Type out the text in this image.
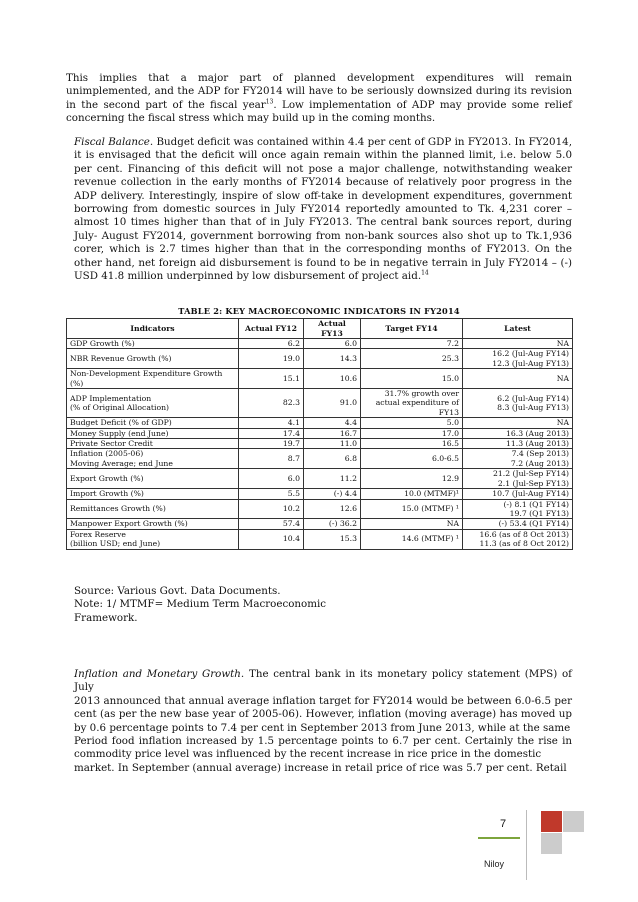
This implies that a major part of planned development expenditures will remain unimplemented, and the ADP for FY2014 will have to be seriously downsized during its revision in the second part of the fiscal year$^{13}$. Low implementation of ADP may provide some relief concerning the fiscal stress which may build up in the coming months.

Fiscal Balance. Budget deficit was contained within 4.4 per cent of GDP in FY2013. In FY2014, it is envisaged that the deficit will once again remain within the planned limit, i.e. below 5.0 per cent. Financing of this deficit will not pose a major challenge, notwithstanding weaker revenue collection in the early months of FY2014 because of relatively poor progress in the ADP delivery. Interestingly, inspire of slow off-take in development expenditures, government borrowing from domestic sources in July FY2014 reportedly amounted to Tk. 4,231 corer – almost 10 times higher than that of in July FY2013. The central bank sources report, during July- August FY2014, government borrowing from non-bank sources also shot up to Tk.1,936 corer, which is 2.7 times higher than that in the corresponding months of FY2013. On the other hand, net foreign aid disbursement is found to be in negative terrain in July FY2014 – (-) USD 41.8 million underpinned by low disbursement of project aid.$^{14}$

TABLE 2: KEY MACROECONOMIC INDICATORS IN FY2014
Indicators	Actual FY12	Actual FY13	Target FY14	Latest
GDP Growth (%)	6.2	6.0	7.2	NA
NBR Revenue Growth (%)	19.0	14.3	25.3	16.2 (Jul-Aug FY14)
12.3 (Jul-Aug FY13)
Non-Development Expenditure Growth (%)	15.1	10.6	15.0	NA
ADP Implementation
(% of Original Allocation)	82.3	91.0	31.7% growth over actual expenditure of FY13	6.2 (Jul-Aug FY14)
8.3 (Jul-Aug FY13)
Budget Deficit (% of GDP)	4.1	4.4	5.0	NA
Money Supply (end June)	17.4	16.7	17.0	16.3 (Aug 2013)
Private Sector Credit	19.7	11.0	16.5	11.3 (Aug 2013)
Inflation (2005-06)
Moving Average; end June	8.7	6.8	6.0-6.5	7.4 (Sep 2013)
7.2 (Aug 2013)
Export Growth (%)	6.0	11.2	12.9	21.2 (Jul-Sep FY14)
2.1 (Jul-Sep FY13)
Import Growth (%)	5.5	(-) 4.4	10.0 (MTMF)¹	10.7 (Jul-Aug FY14)
Remittances Growth (%)	10.2	12.6	15.0 (MTMF) ¹	(-) 8.1 (Q1 FY14)
19.7 (Q1 FY13)
Manpower Export Growth (%)	57.4	(-) 36.2	NA	(-) 53.4 (Q1 FY14)
Forex Reserve
(billion USD; end June)	10.4	15.3	14.6 (MTMF) ¹	16.6 (as of 8 Oct 2013)
11.3 (as of 8 Oct 2012)
Source: Various Govt. Data Documents.
Note: 1/ MTMF= Medium Term Macroeconomic Framework.

Inflation and Monetary Growth. The central bank in its monetary policy statement (MPS) of July

2013 announced that annual average inflation target for FY2014 would be between 6.0-6.5 per cent (as per the new base year of 2005-06). However, inflation (moving average) has moved up by 0.6 percentage points to 7.4 per cent in September 2013 from June 2013, while at the same

Period food inflation increased by 1.5 percentage points to 6.7 per cent. Certainly the rise in commodity price level was influenced by the recent increase in rice price in the domestic

market. In September (annual average) increase in retail price of rice was 5.7 per cent. Retail

7
Niloy
